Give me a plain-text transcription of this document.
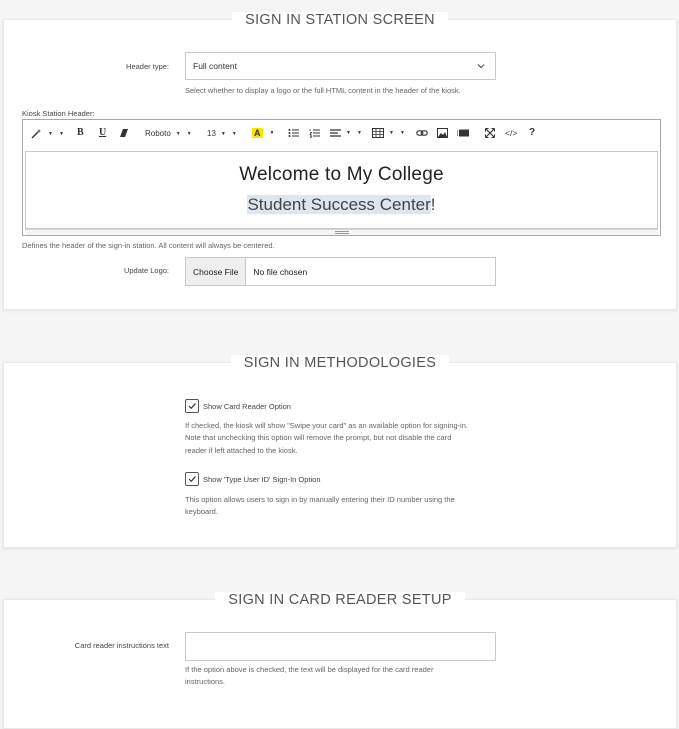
SIGN IN STATION SCREEN
Header type:	Full content
Select whether to display a logo or the full HTML content in the header of the kiosk.
Kiosk Station Header:
▼ ▼ B U	Roboto ▼ ▼ 13 ▼ ▼ A	▼	▼ ▼	▼ ▼	</> ?
Welcome to My College
Student Success Center!
Defines the header of the sign-in station. All content will always be centered.
Update Logo:	Choose File	No file chosen
SIGN IN METHODOLOGIES
Show Card Reader Option
If checked, the kiosk will show "Swipe your card" as an available option for signing-in.
Note that unchecking this option will remove the prompt, but not disable the card
reader if left attached to the kiosk.
Show 'Type User ID' Sign-In Option
This option allows users to sign in by manually entering their ID number using the
keyboard.
SIGN IN CARD READER SETUP
Card reader instructions text
If the option above is checked, the text will be displayed for the card reader
instructions.
